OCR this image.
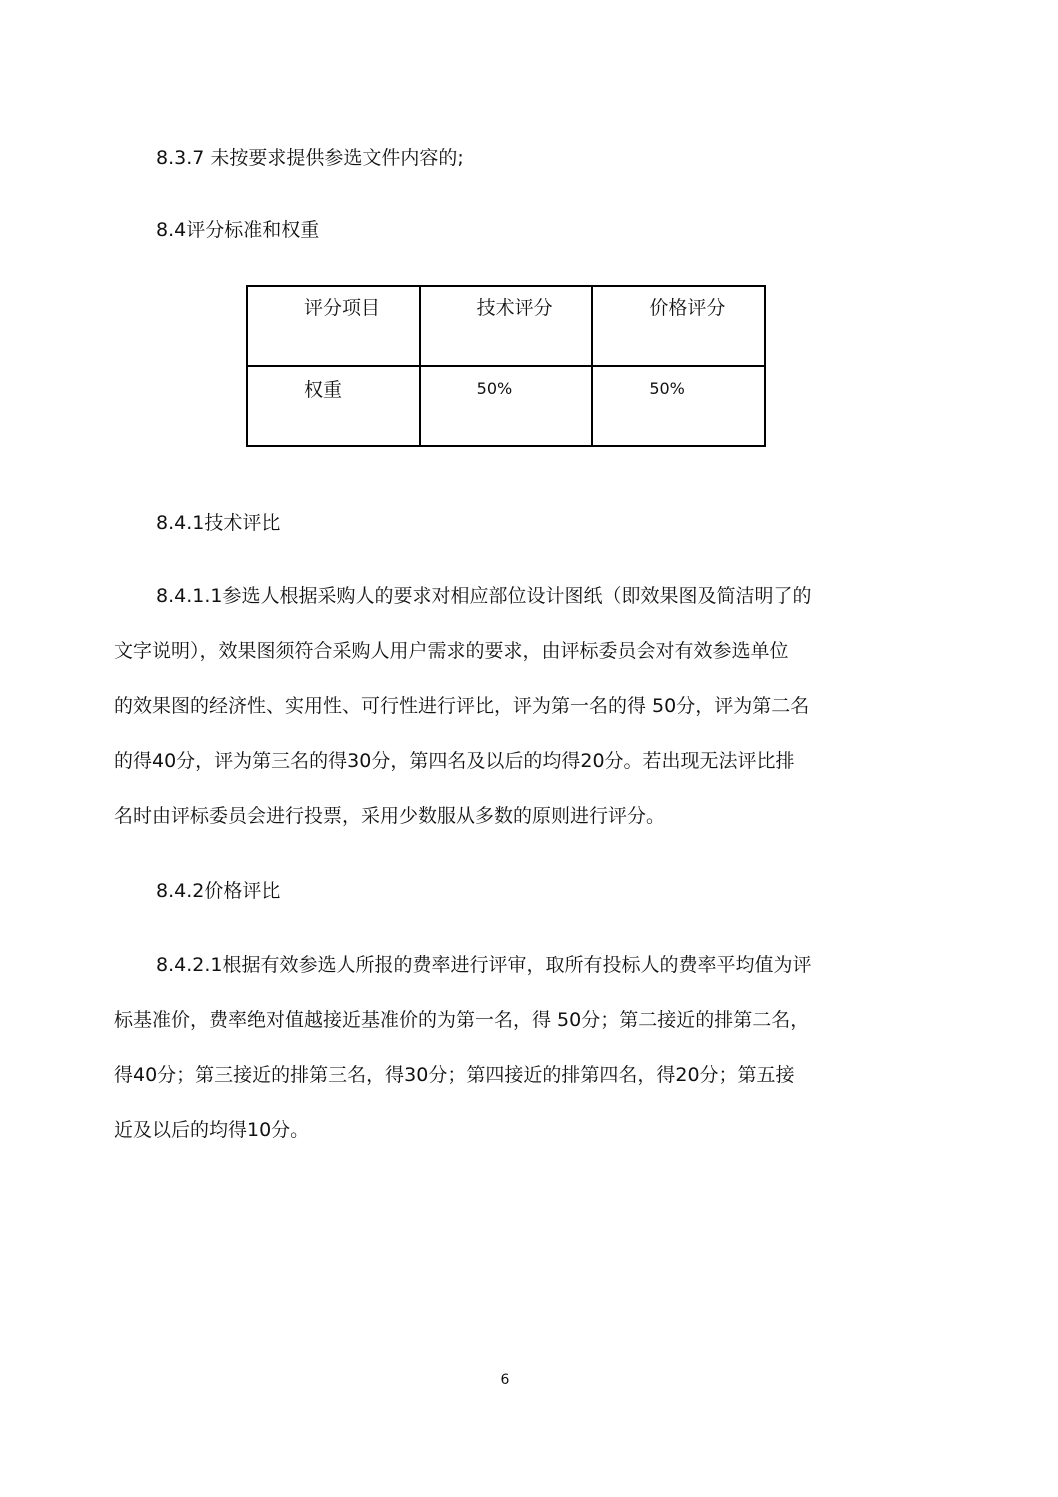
8.3.7 未按要求提供参选文件内容的;
8.4评分标准和权重
评分项目	技术评分	价格评分
权重	50%	50%
8.4.1技术评比
8.4.1.1参选人根据采购人的要求对相应部位设计图纸（即效果图及简洁明了的
文字说明），效果图须符合采购人用户需求的要求，由评标委员会对有效参选单位
的效果图的经济性、实用性、可行性进行评比，评为第一名的得 50分，评为第二名
的得40分，评为第三名的得30分，第四名及以后的均得20分。若出现无法评比排
名时由评标委员会进行投票，采用少数服从多数的原则进行评分。
8.4.2价格评比
8.4.2.1根据有效参选人所报的费率进行评审，取所有投标人的费率平均值为评
标基准价，费率绝对值越接近基准价的为第一名，得 50分；第二接近的排第二名，
得40分；第三接近的排第三名，得30分；第四接近的排第四名，得20分；第五接
近及以后的均得10分。
6
